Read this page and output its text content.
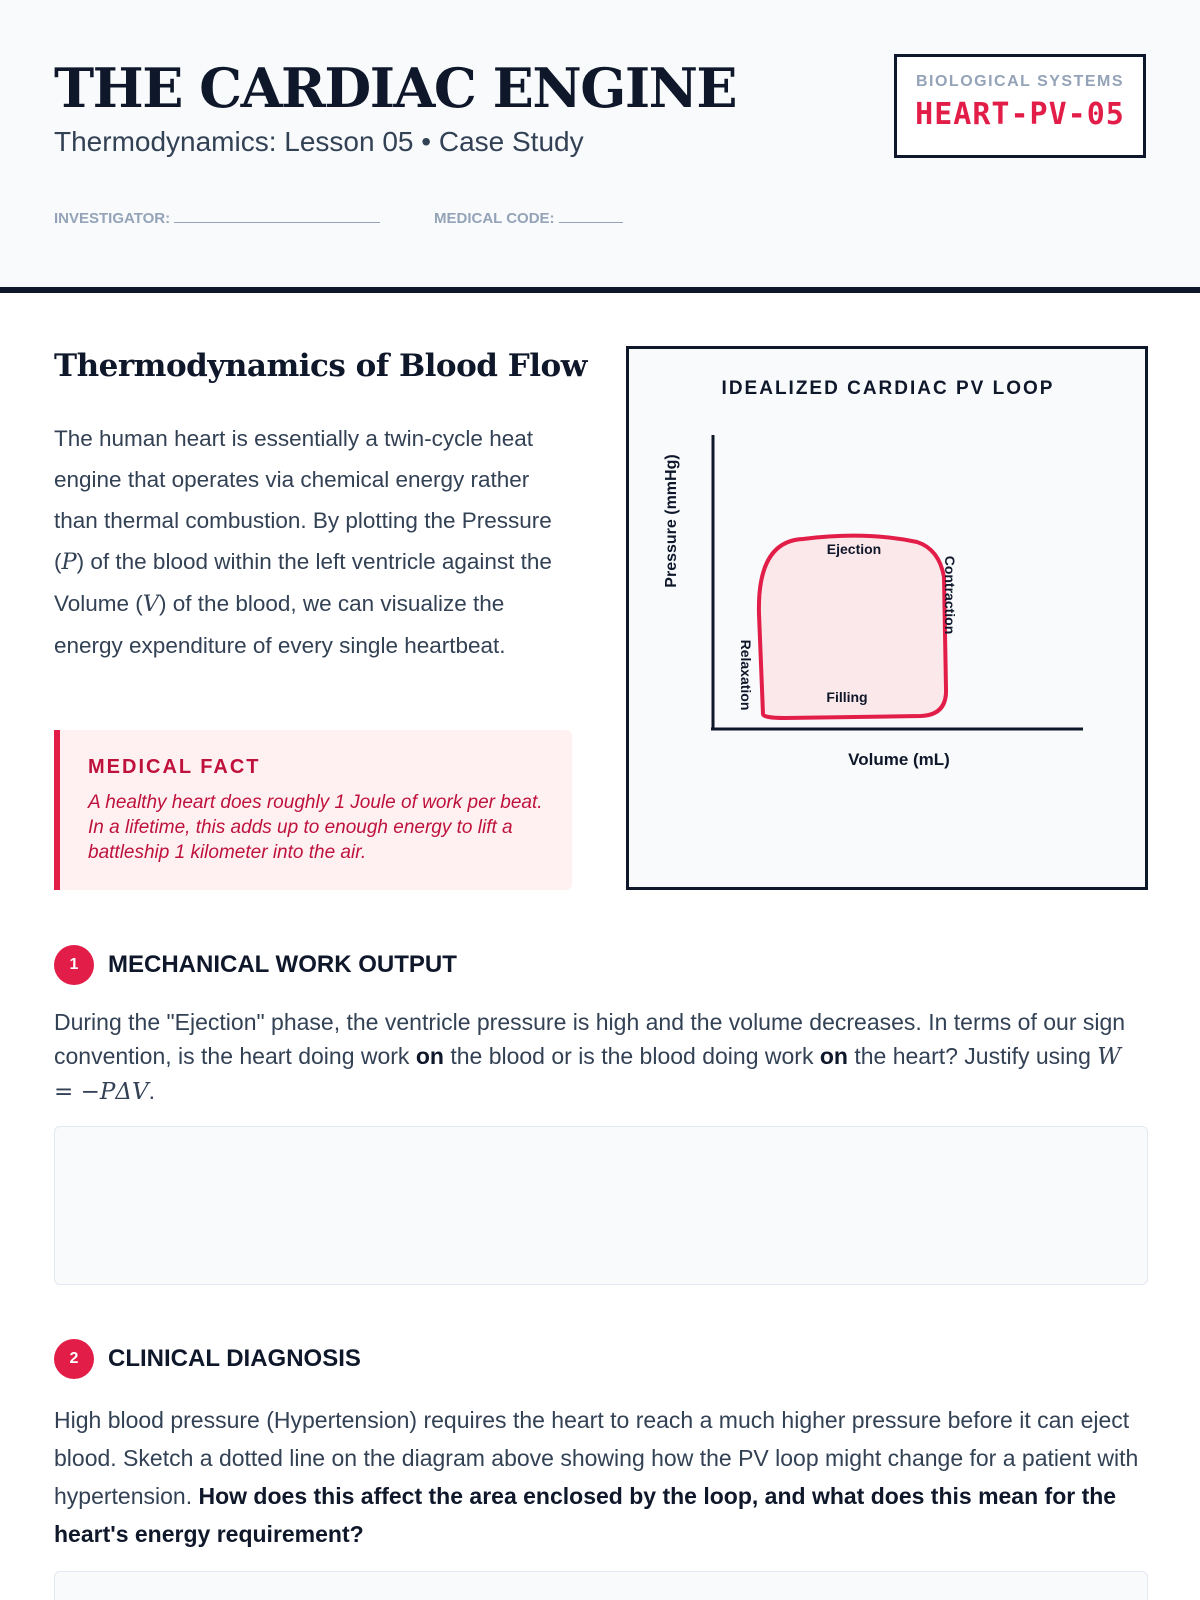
THE CARDIAC ENGINE
Thermodynamics: Lesson 05 • Case Study
INVESTIGATOR:	MEDICAL CODE:
BIOLOGICAL SYSTEMS
HEART-PV-05
Thermodynamics of Blood Flow
The human heart is essentially a twin-cycle heat engine that operates via chemical energy rather than thermal combustion. By plotting the Pressure (P) of the blood within the left ventricle against the Volume (V) of the blood, we can visualize the energy expenditure of every single heartbeat.
MEDICAL FACT
A healthy heart does roughly 1 Joule of work per beat. In a lifetime, this adds up to enough energy to lift a battleship 1 kilometer into the air.
IDEALIZED CARDIAC PV LOOP
Pressure (mmHg)
Volume (mL)
Ejection
Contraction
Filling
Relaxation
1	MECHANICAL WORK OUTPUT
During the "Ejection" phase, the ventricle pressure is high and the volume decreases. In terms of our sign convention, is the heart doing work on the blood or is the blood doing work on the heart? Justify using W = −PΔV.
2	CLINICAL DIAGNOSIS
High blood pressure (Hypertension) requires the heart to reach a much higher pressure before it can eject blood. Sketch a dotted line on the diagram above showing how the PV loop might change for a patient with hypertension. How does this affect the area enclosed by the loop, and what does this mean for the heart's energy requirement?
